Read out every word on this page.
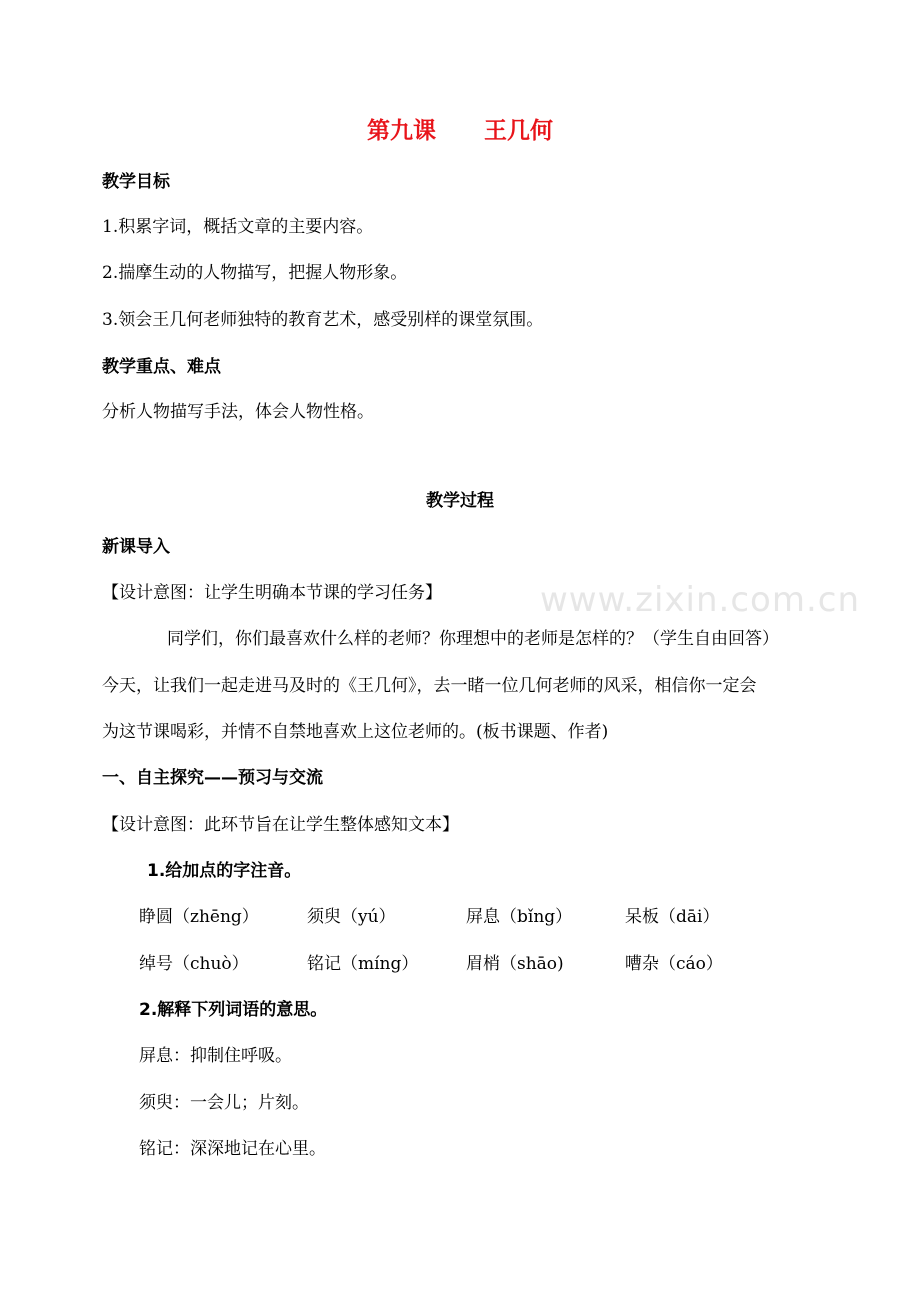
www.zixin.com.cn
第九课      王几何
教学目标
1.积累字词，概括文章的主要内容。
2.揣摩生动的人物描写，把握人物形象。
3.领会王几何老师独特的教育艺术，感受别样的课堂氛围。
教学重点、难点
分析人物描写手法，体会人物性格。
教学过程
新课导入
【设计意图：让学生明确本节课的学习任务】
同学们，你们最喜欢什么样的老师？你理想中的老师是怎样的？（学生自由回答）
今天，让我们一起走进马及时的《王几何》，去一睹一位几何老师的风采，相信你一定会
为这节课喝彩，并情不自禁地喜欢上这位老师的。(板书课题、作者)
一、自主探究——预习与交流
【设计意图：此环节旨在让学生整体感知文本】
1.给加点的字注音。
睁圆（zhēng）	须臾（yú）	屏息（bǐng）	呆板（dāi）
绰号（chuò）	铭记（míng）	眉梢（shāo)	嘈杂（cáo）
2.解释下列词语的意思。
屏息：抑制住呼吸。
须臾：一会儿；片刻。
铭记：深深地记在心里。
